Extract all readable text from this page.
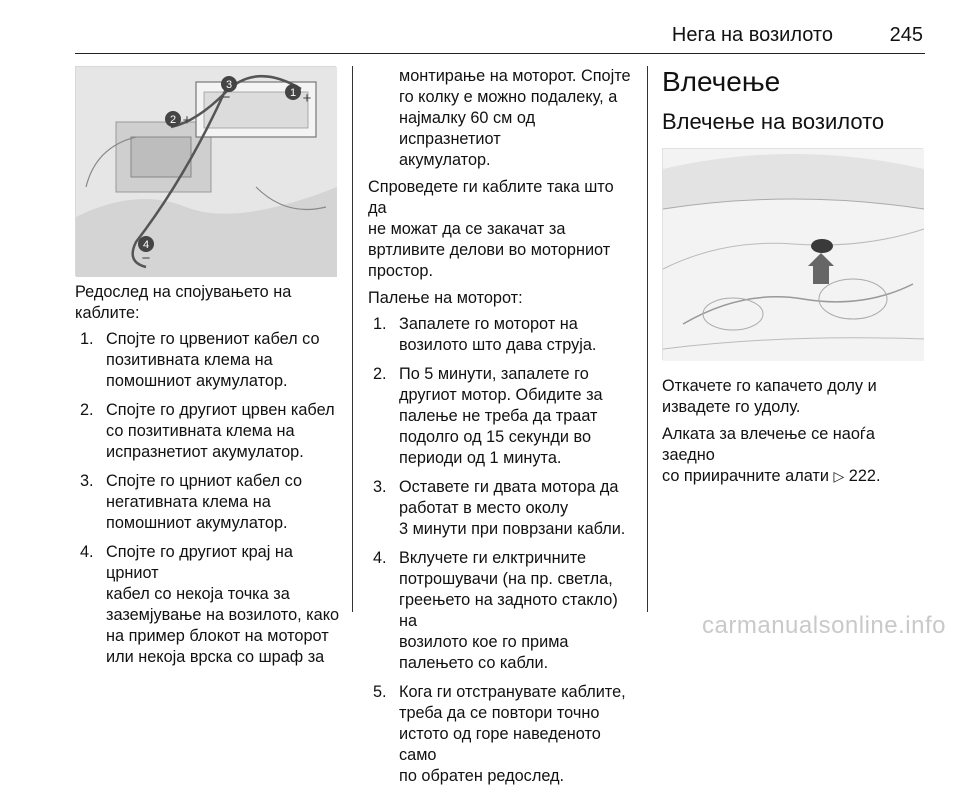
Нега на возилото	245
1 +
2 +
3
−
4
−

Редослед на спојувањето на каблите:

1. Спојте го црвениот кабел со
позитивната клема на
помошниот акумулатор.
2. Спојте го другиот црвен кабел
со позитивната клема на
испразнетиот акумулатор.
3. Спојте го црниот кабел со
негативната клема на
помошниот акумулатор.
4. Спојте го другиот крај на црниот
кабел со некоја точка за
заземјување на возилото, како
на пример блокот на моторот
или некоја врска со шраф за
монтирање на моторот. Спојте
го колку е можно подалеку, а
најмалку 60 см од испразнетиот
акумулатор.

Спроведете ги каблите така што да
не можат да се закачат за
вртливите делови во моторниот
простор.

Палење на моторот:

1. Запалете го моторот на
возилото што дава струја.
2. По 5 минути, запалете го
другиот мотор. Обидите за
палење не треба да траат
подолго од 15 секунди во
периоди од 1 минута.
3. Оставете ги двата мотора да
работат в место околу
3 минути при поврзани кабли.
4. Вклучете ги елктричните
потрошувачи (на пр. светла,
греењето на задното стакло) на
возилото кое го прима
палењето со кабли.
5. Кога ги отстранувате каблите,
треба да се повтори точно
истото од горе наведеното само
по обратен редослед.
Влечење
Влечење на возилото

Откачете го капачето долу и
извадете го удолу.

Алката за влечење се наоѓа заедно
со приирачните алати ▷ 222.

carmanualsonline.info
